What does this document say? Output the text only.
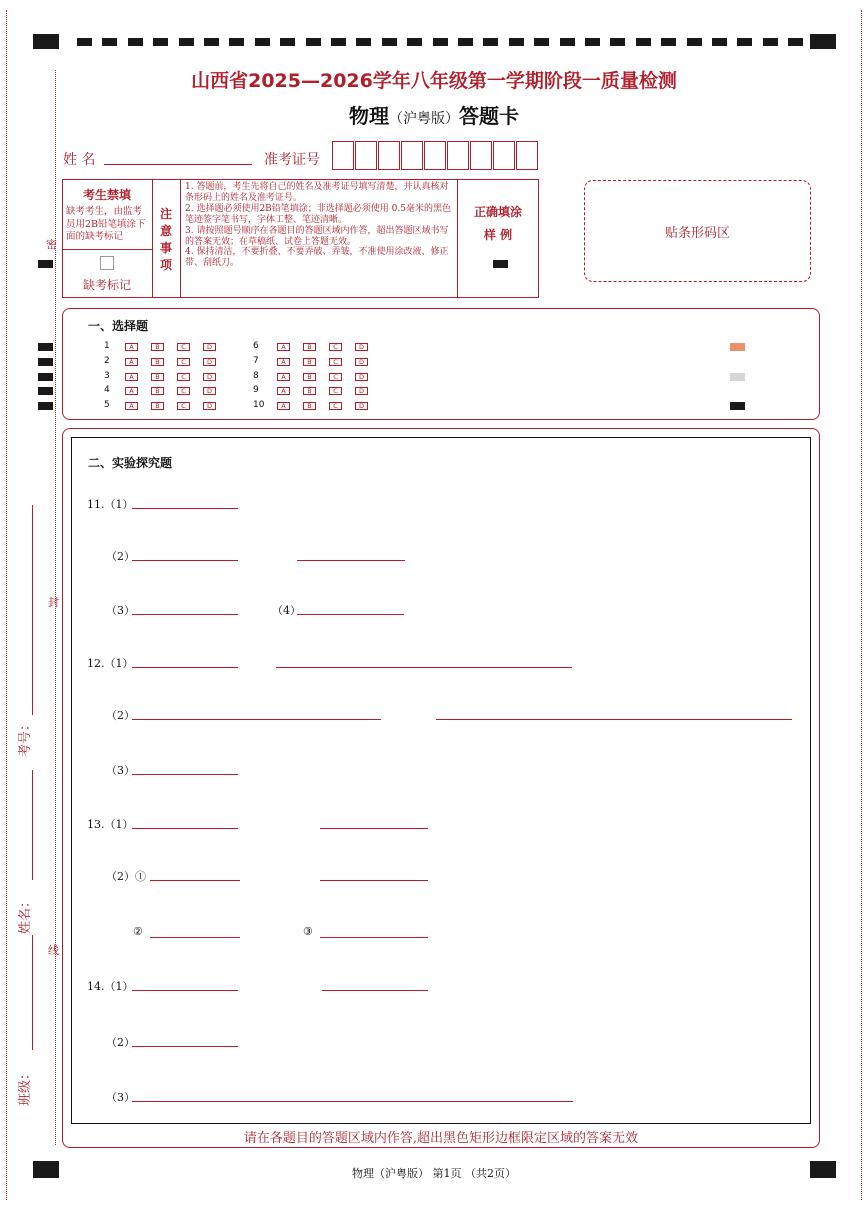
密
封
线
考号：
姓名：
班级：
山西省2025—2026学年八年级第一学期阶段一质量检测
物理（沪粤版）答题卡
姓 名	准考证号
考生禁填
缺考考生，由监考员用2B铅笔填涂下面的缺考标记
缺考标记
注
意
事
项
1. 答题前，考生先将自己的姓名及准考证号填写清楚，并认真核对条形码上的姓名及准考证号。
2. 选择题必须使用2B铅笔填涂；非选择题必须使用 0.5毫米的黑色笔迹签字笔书写，字体工整、笔迹清晰。
3. 请按照题号顺序在各题目的答题区域内作答，超出答题区域书写的答案无效；在草稿纸、试卷上答题无效。
4. 保持清洁，不要折叠、不要弄破、弄皱，不准使用涂改液、修正带、刮纸刀。
正确填涂
样 例	贴条形码区
一、选择题
1	A	B	C	D	6	A	B	C	D
2	A	B	C	D	7	A	B	C	D
3	A	B	C	D	8	A	B	C	D
4	A	B	C	D	9	A	B	C	D
5	A	B	C	D	10	A	B	C	D
二、实验探究题
11.（1）
（2）
（3）	（4）
12.（1）
（2）
（3）
13.（1）
（2）①
②	③
14.（1）
（2）
（3）
请在各题目的答题区域内作答,超出黑色矩形边框限定区域的答案无效
物理（沪粤版） 第1页 （共2页）
